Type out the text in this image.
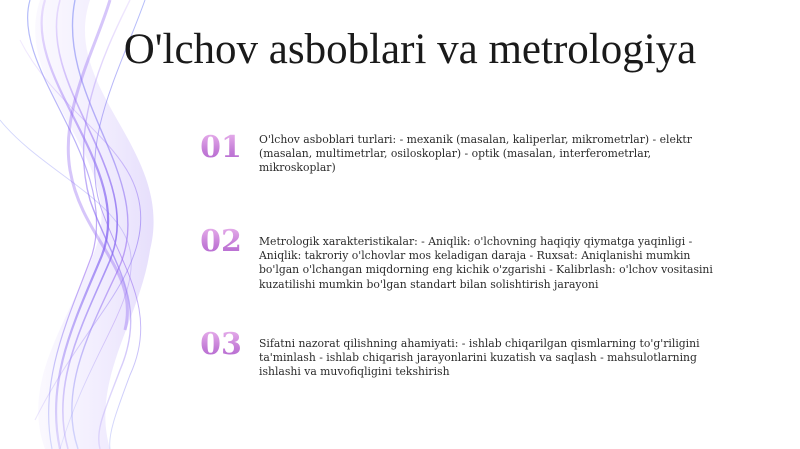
O'lchov asboblari va metrologiya
01	O'lchov asboblari turlari: - mexanik (masalan, kaliperlar, mikrometrlar) - elektr (masalan, multimetrlar, osiloskoplar) - optik (masalan, interferometrlar, mikroskoplar)
02	Metrologik xarakteristikalar: - Aniqlik: o'lchovning haqiqiy qiymatga yaqinligi - Aniqlik: takroriy o'lchovlar mos keladigan daraja - Ruxsat: Aniqlanishi mumkin bo'lgan o'lchangan miqdorning eng kichik o'zgarishi - Kalibrlash: o'lchov vositasini kuzatilishi mumkin bo'lgan standart bilan solishtirish jarayoni
03	Sifatni nazorat qilishning ahamiyati: - ishlab chiqarilgan qismlarning to'g'riligini ta'minlash - ishlab chiqarish jarayonlarini kuzatish va saqlash - mahsulotlarning ishlashi va muvofiqligini tekshirish
